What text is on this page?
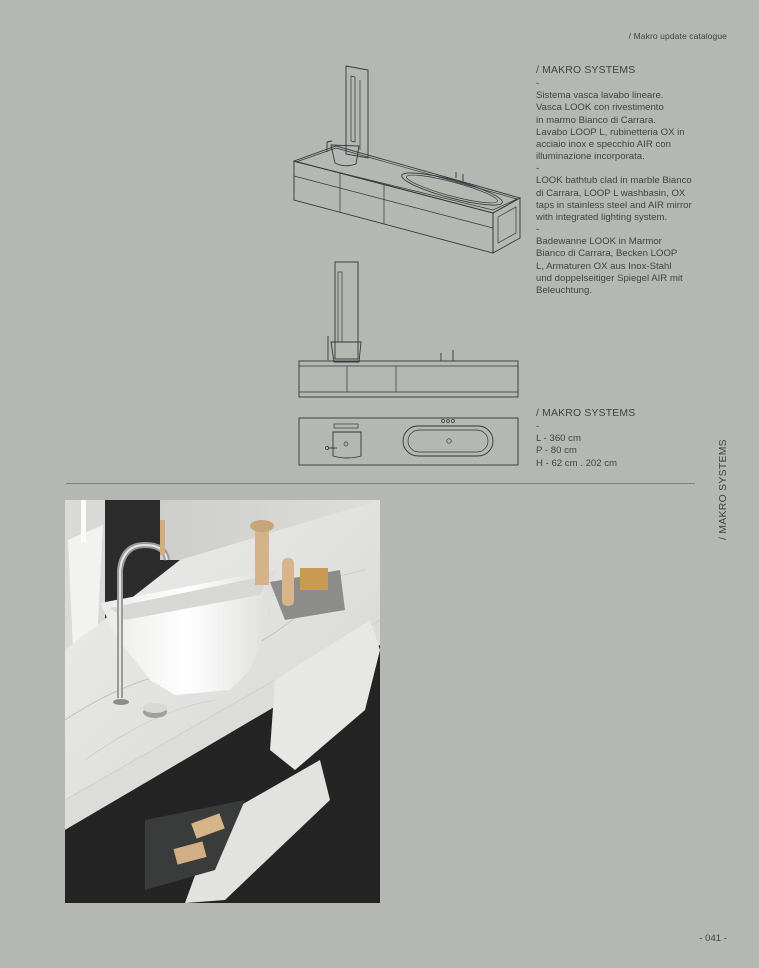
/ Makro update catalogue

/ MAKRO SYSTEMS

-

Sistema vasca lavabo lineare.
Vasca LOOK con rivestimento
in marmo Bianco di Carrara.
Lavabo LOOP L, rubinetteria OX in
acciaio inox e specchio AIR con
illuminazione incorporata.

-

LOOK bathtub clad in marble Bianco
di Carrara, LOOP L washbasin, OX
taps in stainless steel and AIR mirror
with integrated lighting system.

-

Badewanne LOOK in Marmor
Bianco di Carrara, Becken LOOP
L, Armaturen OX aus Inox-Stahl
und doppelseitiger Spiegel AIR mit
Beleuchtung.

/ MAKRO SYSTEMS

-

L - 360 cm

P - 80 cm

H - 62 cm . 202 cm	/ MAKRO SYSTEMS
- 041 -
